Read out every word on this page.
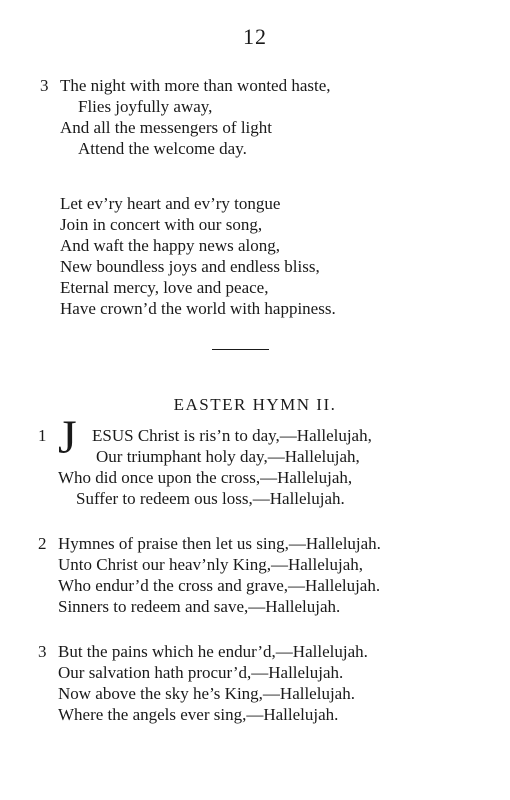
12
3 The night with more than wonted haste,
Flies joyfully away,
And all the messengers of light
Attend the welcome day.
Let ev’ry heart and ev’ry tongue
Join in concert with our song,
And waft the happy news along,
New boundless joys and endless bliss,
Eternal mercy, love and peace,
Have crown’d the world with happiness.
EASTER HYMN II.
1 J ESUS Christ is ris’n to day,—Hallelujah,
Our triumphant holy day,—Hallelujah,
Who did once upon the cross,—Hallelujah,
Suffer to redeem ous loss,—Hallelujah.
2 Hymnes of praise then let us sing,—Hallelujah.
Unto Christ our heav’nly King,—Hallelujah,
Who endur’d the cross and grave,—Hallelujah.
Sinners to redeem and save,—Hallelujah.
3 But the pains which he endur’d,—Hallelujah.
Our salvation hath procur’d,—Hallelujah.
Now above the sky he’s King,—Hallelujah.
Where the angels ever sing,—Hallelujah.
